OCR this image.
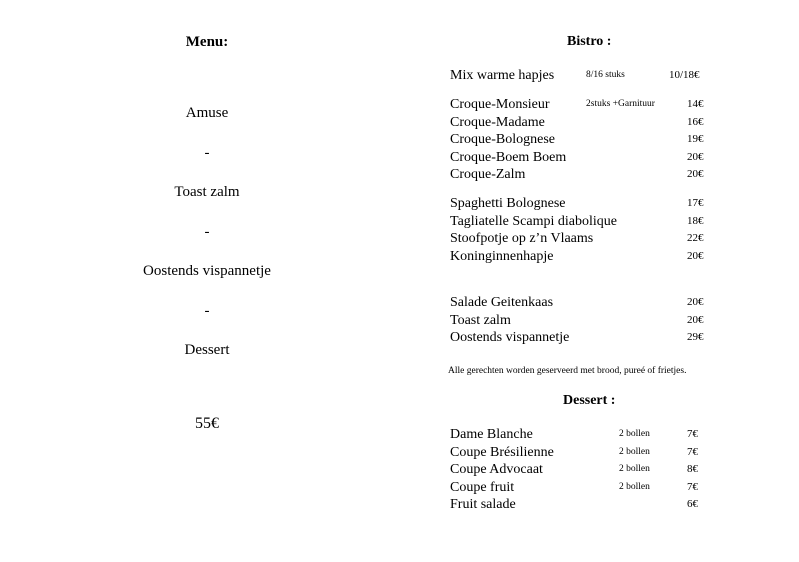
Menu:
Amuse
-
Toast zalm
-
Oostends vispannetje
-
Dessert
55€
Bistro :
Mix warme hapjes	8/16 stuks	10/18€
Croque-Monsieur	2stuks +Garnituur	14€
Croque-Madame	16€
Croque-Bolognese	19€
Croque-Boem Boem	20€
Croque-Zalm	20€
Spaghetti Bolognese	17€
Tagliatelle Scampi diabolique	18€
Stoofpotje op z’n Vlaams	22€
Koninginnenhapje	20€
Salade Geitenkaas	20€
Toast zalm	20€
Oostends vispannetje	29€
Alle gerechten worden geserveerd met brood, pureé of frietjes.
Dessert :
Dame Blanche	2 bollen	7€
Coupe Brésilienne	2 bollen	7€
Coupe Advocaat	2 bollen	8€
Coupe fruit	2 bollen	7€
Fruit salade	6€
